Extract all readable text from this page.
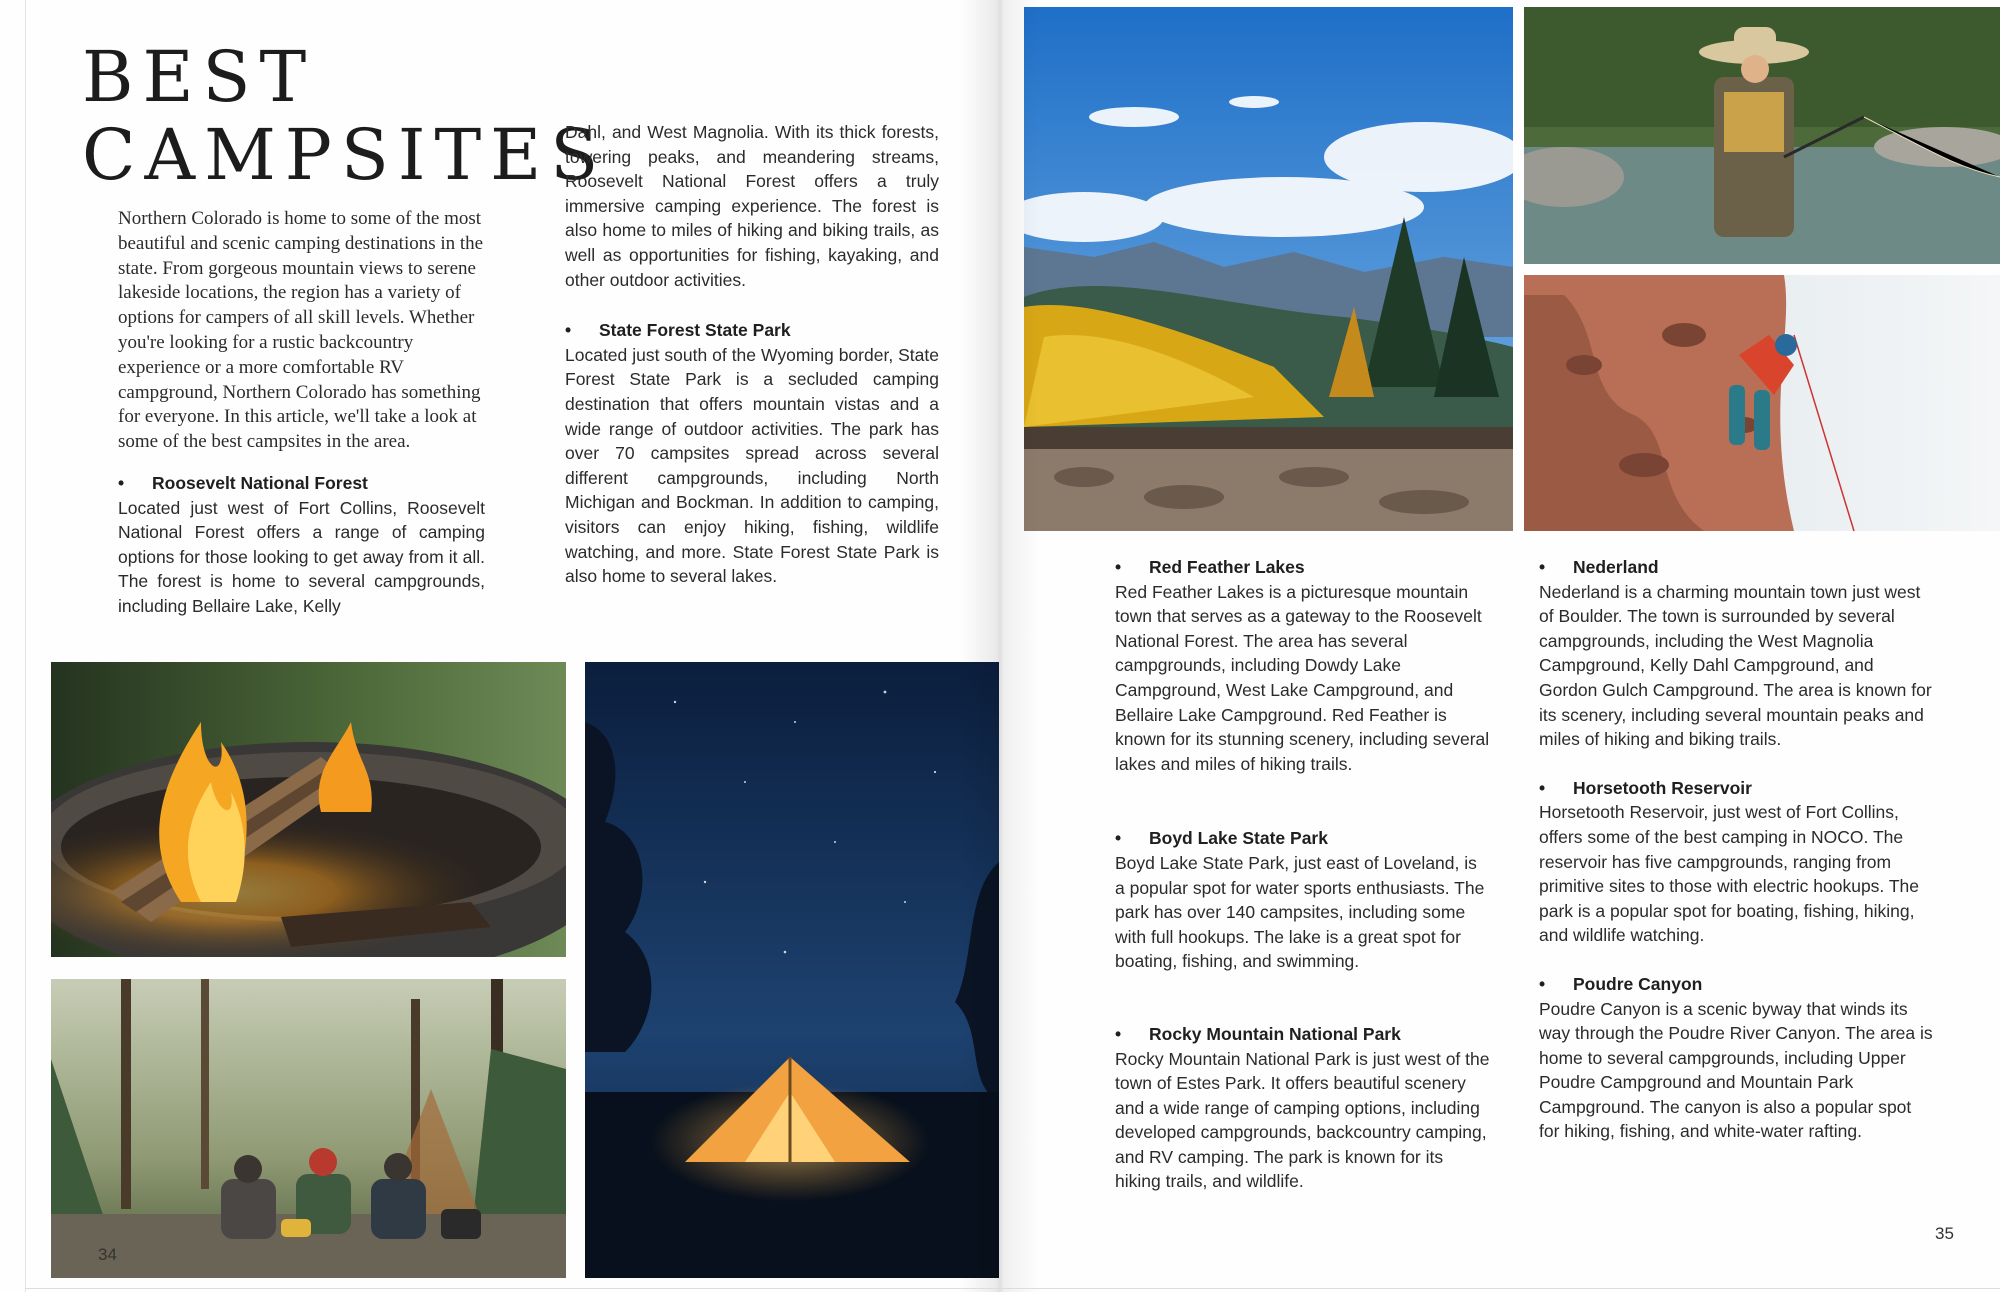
BEST
CAMPSITES

Northern Colorado is home to some of the most beautiful and scenic camping destinations in the state. From gorgeous mountain views to serene lakeside locations, the region has a variety of options for campers of all skill levels. Whether you're looking for a rustic backcountry experience or a more comfortable RV campground, Northern Colorado has something for everyone. In this article, we'll take a look at some of the best campsites in the area.

• Roosevelt National Forest

Located just west of Fort Collins, Roosevelt National Forest offers a range of camping options for those looking to get away from it all. The forest is home to several campgrounds, including Bellaire Lake, Kelly

Dahl, and West Magnolia. With its thick forests, towering peaks, and meandering streams, Roosevelt National Forest offers a truly immersive camping experience. The forest is also home to miles of hiking and biking trails, as well as opportunities for fishing, kayaking, and other outdoor activities.

• State Forest State Park

Located just south of the Wyoming border, State Forest State Park is a secluded camping destination that offers mountain vistas and a wide range of outdoor activities. The park has over 70 campsites spread across several different campgrounds, including North Michigan and Bockman. In addition to camping, visitors can enjoy hiking, fishing, wildlife watching, and more. State Forest State Park is also home to several lakes.

34
• Red Feather Lakes

Red Feather Lakes is a picturesque mountain town that serves as a gateway to the Roosevelt National Forest. The area has several campgrounds, including Dowdy Lake Campground, West Lake Campground, and Bellaire Lake Campground. Red Feather is known for its stunning scenery, including several lakes and miles of hiking trails.

• Boyd Lake State Park

Boyd Lake State Park, just east of Loveland, is a popular spot for water sports enthusiasts. The park has over 140 campsites, including some with full hookups. The lake is a great spot for boating, fishing, and swimming.

• Rocky Mountain National Park

Rocky Mountain National Park is just west of the town of Estes Park. It offers beautiful scenery and a wide range of camping options, including developed campgrounds, backcountry camping, and RV camping. The park is known for its hiking trails, and wildlife.

• Nederland

Nederland is a charming mountain town just west of Boulder. The town is surrounded by several campgrounds, including the West Magnolia Campground, Kelly Dahl Campground, and Gordon Gulch Campground. The area is known for its scenery, including several mountain peaks and miles of hiking and biking trails.

• Horsetooth Reservoir

Horsetooth Reservoir, just west of Fort Collins, offers some of the best camping in NOCO. The reservoir has five campgrounds, ranging from primitive sites to those with electric hookups. The park is a popular spot for boating, fishing, hiking, and wildlife watching.

• Poudre Canyon

Poudre Canyon is a scenic byway that winds its way through the Poudre River Canyon. The area is home to several campgrounds, including Upper Poudre Campground and Mountain Park Campground. The canyon is also a popular spot for hiking, fishing, and white-water rafting.

35
